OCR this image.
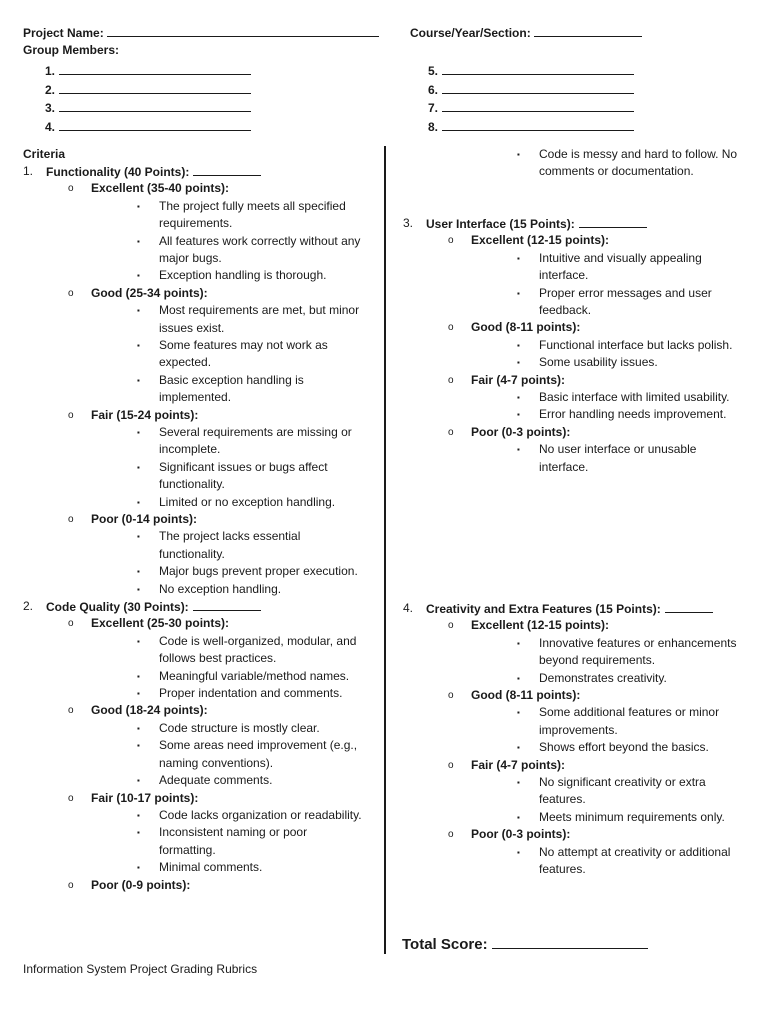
Project Name:	Course/Year/Section:
Group Members:
1.
2.
3.
4.
5.
6.
7.
8.
Criteria
1. Functionality (40 Points):
o Excellent (35-40 points):
▪ The project fully meets all specified requirements.
▪ All features work correctly without any major bugs.
▪ Exception handling is thorough.
o Good (25-34 points):
▪ Most requirements are met, but minor issues exist.
▪ Some features may not work as expected.
▪ Basic exception handling is implemented.
o Fair (15-24 points):
▪ Several requirements are missing or incomplete.
▪ Significant issues or bugs affect functionality.
▪ Limited or no exception handling.
o Poor (0-14 points):
▪ The project lacks essential functionality.
▪ Major bugs prevent proper execution.
▪ No exception handling.
2. Code Quality (30 Points):
o Excellent (25-30 points):
▪ Code is well-organized, modular, and follows best practices.
▪ Meaningful variable/method names.
▪ Proper indentation and comments.
o Good (18-24 points):
▪ Code structure is mostly clear.
▪ Some areas need improvement (e.g., naming conventions).
▪ Adequate comments.
o Fair (10-17 points):
▪ Code lacks organization or readability.
▪ Inconsistent naming or poor formatting.
▪ Minimal comments.
o Poor (0-9 points):
▪ Code is messy and hard to follow. No comments or documentation.
3. User Interface (15 Points):
o Excellent (12-15 points):
▪ Intuitive and visually appealing interface.
▪ Proper error messages and user feedback.
o Good (8-11 points):
▪ Functional interface but lacks polish.
▪ Some usability issues.
o Fair (4-7 points):
▪ Basic interface with limited usability.
▪ Error handling needs improvement.
o Poor (0-3 points):
▪ No user interface or unusable interface.
4. Creativity and Extra Features (15 Points):
o Excellent (12-15 points):
▪ Innovative features or enhancements beyond requirements.
▪ Demonstrates creativity.
o Good (8-11 points):
▪ Some additional features or minor improvements.
▪ Shows effort beyond the basics.
o Fair (4-7 points):
▪ No significant creativity or extra features.
▪ Meets minimum requirements only.
o Poor (0-3 points):
▪ No attempt at creativity or additional features.
Total Score:
Information System Project Grading Rubrics
